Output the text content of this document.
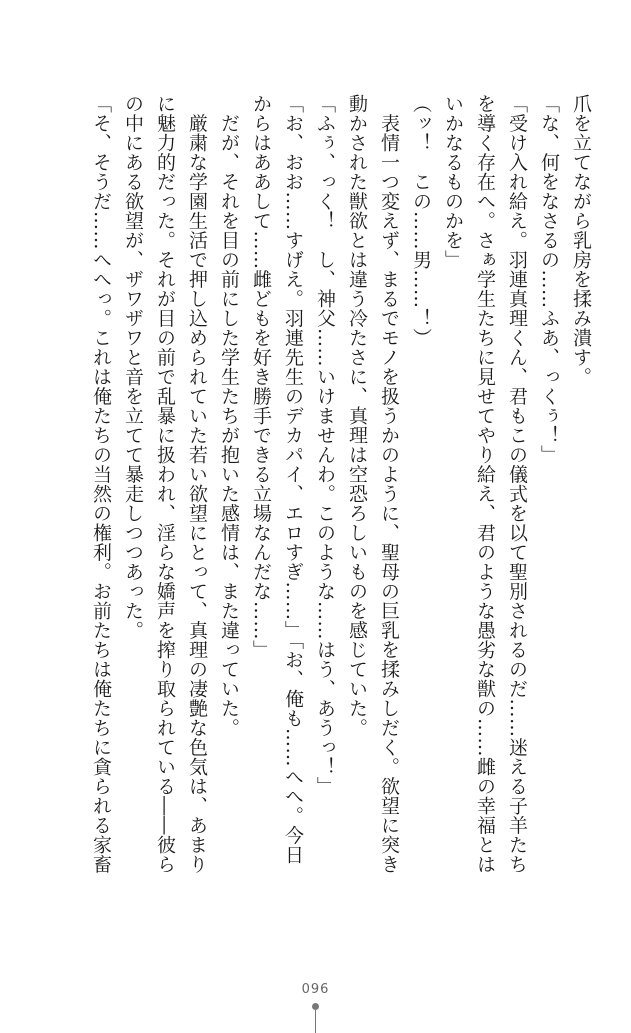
爪を立てながら乳房を揉み潰す。
「な、何をなさるの……ふあ、っくぅ！」
「受け入れ給え。羽連真理くん、君もこの儀式を以て聖別されるのだ……迷える子羊たち
を導く存在へ。さぁ学生たちに見せてやり給え、君のような愚劣な獣の……雌の幸福とは
いかなるものかを」
（ッ！　この……男……！）
　表情一つ変えず、まるでモノを扱うかのように、聖母の巨乳を揉みしだく。欲望に突き
動かされた獣欲とは違う冷たさに、真理は空恐ろしいものを感じていた。
「ふぅ、っく！　し、神父……いけませんわ。このような……はう、あうっ！」
「お、おお……すげえ。羽連先生のデカパイ、エロすぎ……」「お、俺も……へへ。今日
からはああして……雌どもを好き勝手できる立場なんだな……」
　だが、それを目の前にした学生たちが抱いた感情は、また違っていた。
　厳粛な学園生活で押し込められていた若い欲望にとって、真理の凄艶な色気は、あまり
に魅力的だった。それが目の前で乱暴に扱われ、淫らな嬌声を搾り取られている――彼ら
の中にある欲望が、ザワザワと音を立てて暴走しつつあった。
「そ、そうだ……へへっ。これは俺たちの当然の権利。お前たちは俺たちに貪られる家畜
096
